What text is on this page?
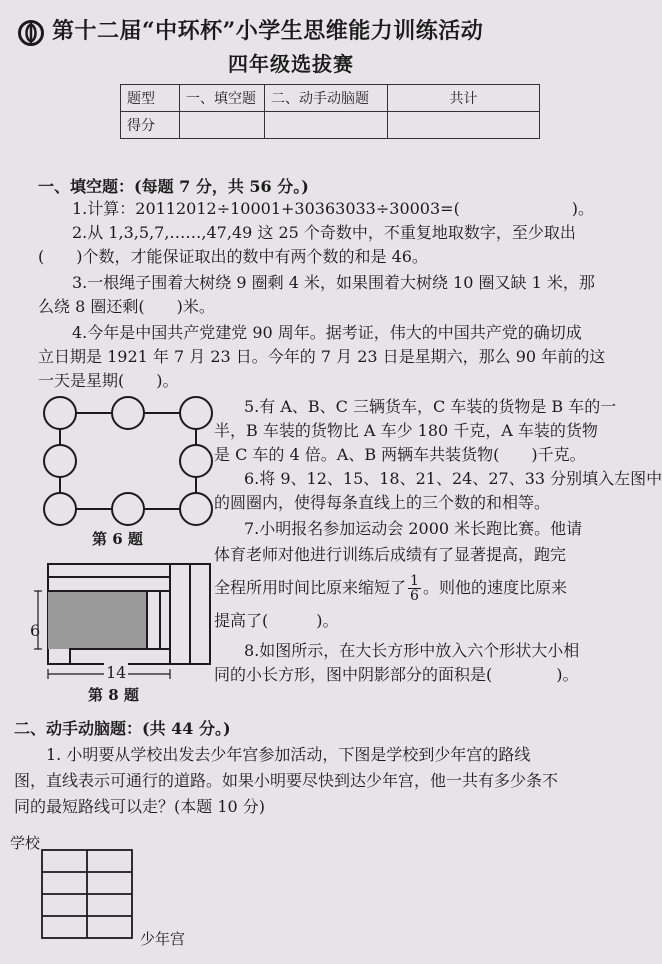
第十二届“中环杯”小学生思维能力训练活动
四年级选拔赛
题型	一、填空题	二、动手动脑题	共计
得分			
一、填空题：(每题 7 分，共 56 分。)
1.计算：20112012÷10001+30363033÷30003=(　　　　　　　)。
2.从 1,3,5,7,……,47,49 这 25 个奇数中，不重复地取数字，至少取出
(　　)个数，才能保证取出的数中有两个数的和是 46。
3.一根绳子围着大树绕 9 圈剩 4 米，如果围着大树绕 10 圈又缺 1 米，那
么绕 8 圈还剩(　　)米。
4.今年是中国共产党建党 90 周年。据考证，伟大的中国共产党的确切成
立日期是 1921 年 7 月 23 日。今年的 7 月 23 日是星期六，那么 90 年前的这
一天是星期(　　)。
第 6 题
6
14
第 8 题
5.有 A、B、C 三辆货车，C 车装的货物是 B 车的一
半，B 车装的货物比 A 车少 180 千克，A 车装的货物
是 C 车的 4 倍。A、B 两辆车共装货物(　　)千克。
6.将 9、12、15、18、21、24、27、33 分别填入左图中
的圆圈内，使得每条直线上的三个数的和相等。
7.小明报名参加运动会 2000 米长跑比赛。他请
体育老师对他进行训练后成绩有了显著提高，跑完
全程所用时间比原来缩短了 $\frac{1}{6}$ 。则他的速度比原来
提高了(　　　)。
8.如图所示，在大长方形中放入六个形状大小相
同的小长方形，图中阴影部分的面积是(　　　　)。
二、动手动脑题：(共 44 分。)
1. 小明要从学校出发去少年宫参加活动，下图是学校到少年宫的路线
图，直线表示可通行的道路。如果小明要尽快到达少年宫，他一共有多少条不
同的最短路线可以走？(本题 10 分)
学校
少年宫
